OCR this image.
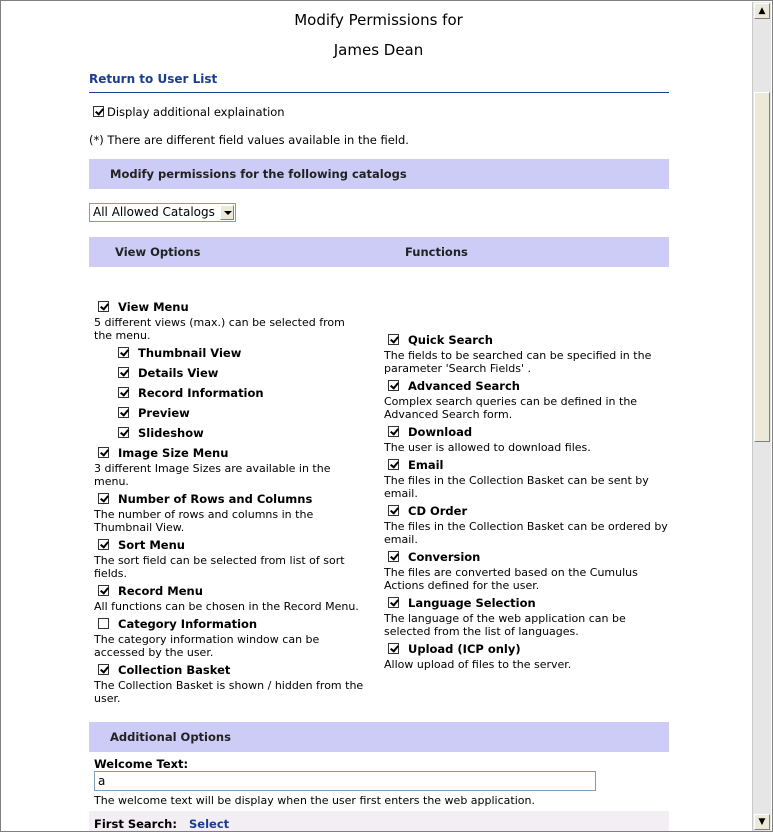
Modify Permissions for
James Dean
Return to User List
Display additional explaination
(*) There are different field values available in the field.
Modify permissions for the following catalogs
All Allowed Catalogs
View Options	Functions
View Menu
5 different views (max.) can be selected from the menu.
Thumbnail View
Details View
Record Information
Preview
Slideshow
Image Size Menu
3 different Image Sizes are available in the menu.
Number of Rows and Columns
The number of rows and columns in the Thumbnail View.
Sort Menu
The sort field can be selected from list of sort fields.
Record Menu
All functions can be chosen in the Record Menu.
Category Information
The category information window can be accessed by the user.
Collection Basket
The Collection Basket is shown / hidden from the user.
Quick Search
The fields to be searched can be specified in the parameter 'Search Fields' .
Advanced Search
Complex search queries can be defined in the Advanced Search form.
Download
The user is allowed to download files.
Email
The files in the Collection Basket can be sent by email.
CD Order
The files in the Collection Basket can be ordered by email.
Conversion
The files are converted based on the Cumulus Actions defined for the user.
Language Selection
The language of the web application can be selected from the list of languages.
Upload (ICP only)
Allow upload of files to the server.
Additional Options
Welcome Text:
a
The welcome text will be display when the user first enters the web application.
First Search: Select
▲
▼
